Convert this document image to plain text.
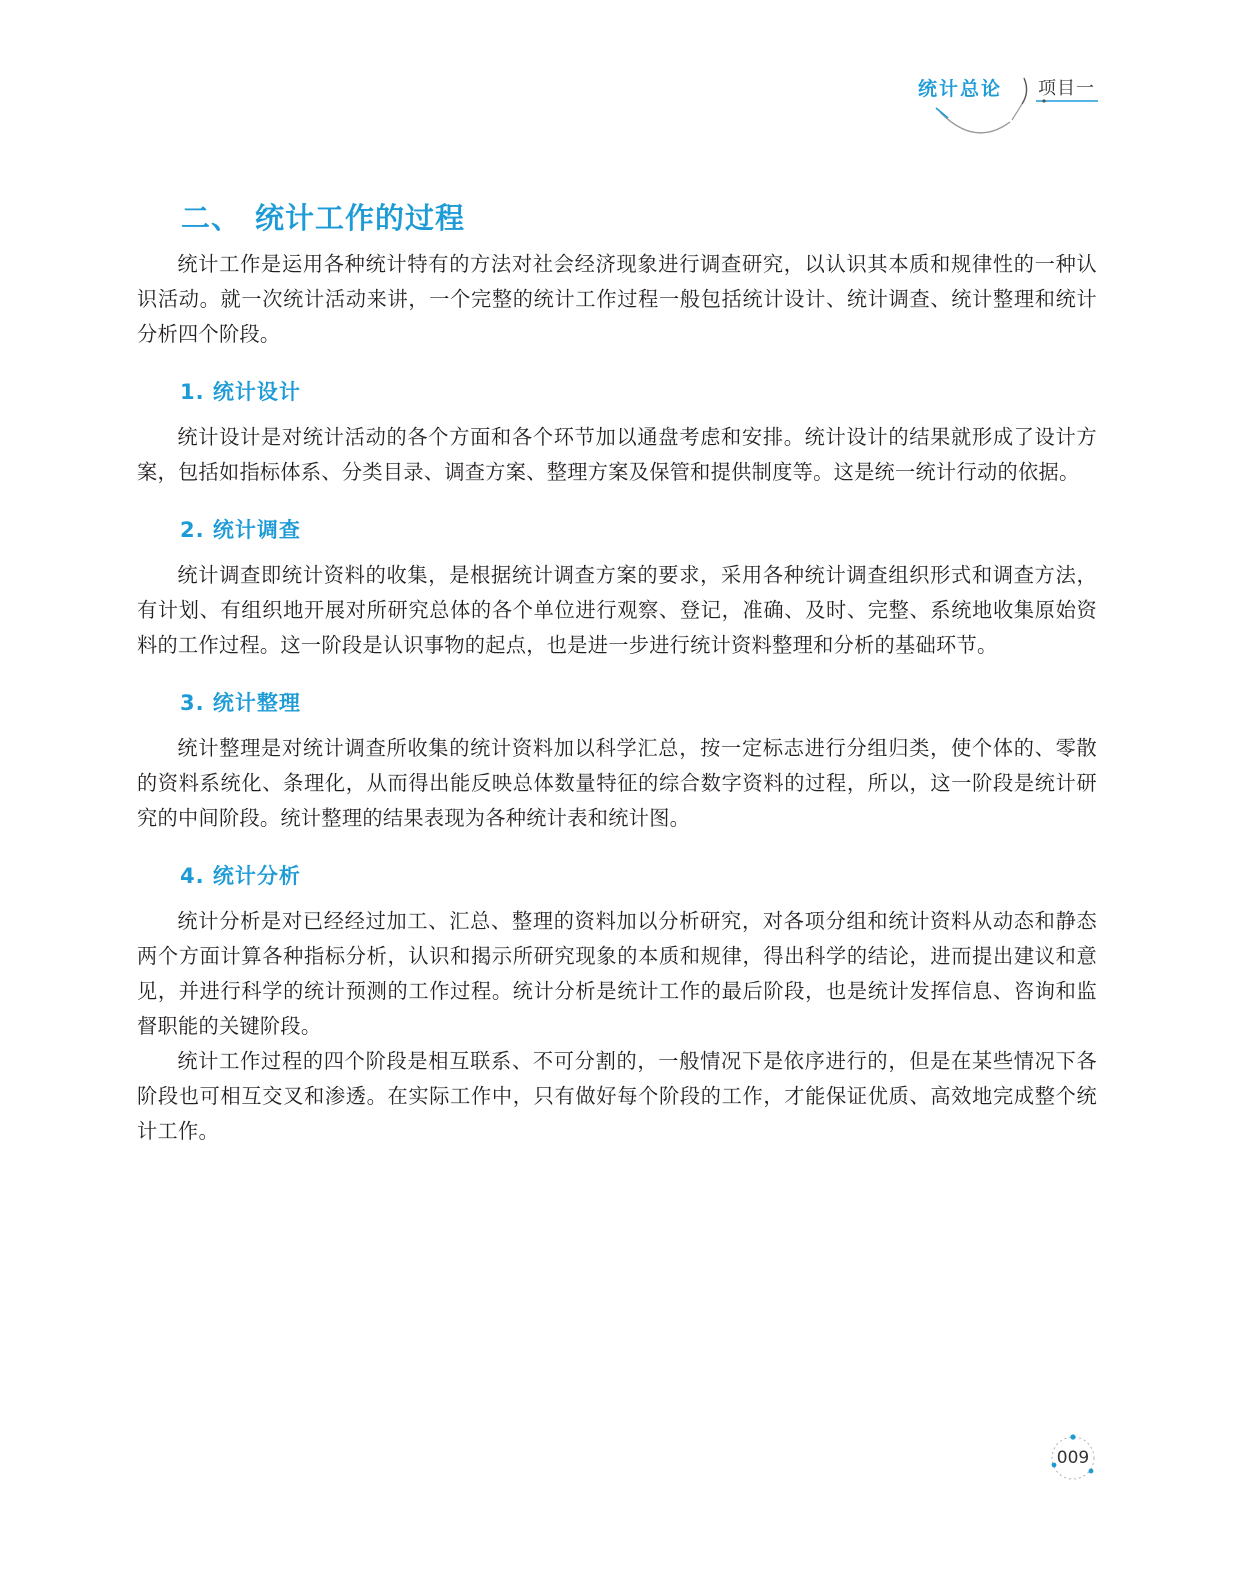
统计总论 项目一
二、 统计工作的过程

统计工作是运用各种统计特有的方法对社会经济现象进行调查研究，以认识其本质和规律性的一种认识活动。就一次统计活动来讲，一个完整的统计工作过程一般包括统计设计、统计调查、统计整理和统计分析四个阶段。

1. 统计设计

统计设计是对统计活动的各个方面和各个环节加以通盘考虑和安排。统计设计的结果就形成了设计方案，包括如指标体系、分类目录、调查方案、整理方案及保管和提供制度等。这是统一统计行动的依据。

2. 统计调查

统计调查即统计资料的收集，是根据统计调查方案的要求，采用各种统计调查组织形式和调查方法，有计划、有组织地开展对所研究总体的各个单位进行观察、登记，准确、及时、完整、系统地收集原始资料的工作过程。这一阶段是认识事物的起点，也是进一步进行统计资料整理和分析的基础环节。

3. 统计整理

统计整理是对统计调查所收集的统计资料加以科学汇总，按一定标志进行分组归类，使个体的、零散的资料系统化、条理化，从而得出能反映总体数量特征的综合数字资料的过程，所以，这一阶段是统计研究的中间阶段。统计整理的结果表现为各种统计表和统计图。

4. 统计分析

统计分析是对已经经过加工、汇总、整理的资料加以分析研究，对各项分组和统计资料从动态和静态两个方面计算各种指标分析，认识和揭示所研究现象的本质和规律，得出科学的结论，进而提出建议和意见，并进行科学的统计预测的工作过程。统计分析是统计工作的最后阶段，也是统计发挥信息、咨询和监督职能的关键阶段。

统计工作过程的四个阶段是相互联系、不可分割的，一般情况下是依序进行的，但是在某些情况下各阶段也可相互交叉和渗透。在实际工作中，只有做好每个阶段的工作，才能保证优质、高效地完成整个统计工作。

009
